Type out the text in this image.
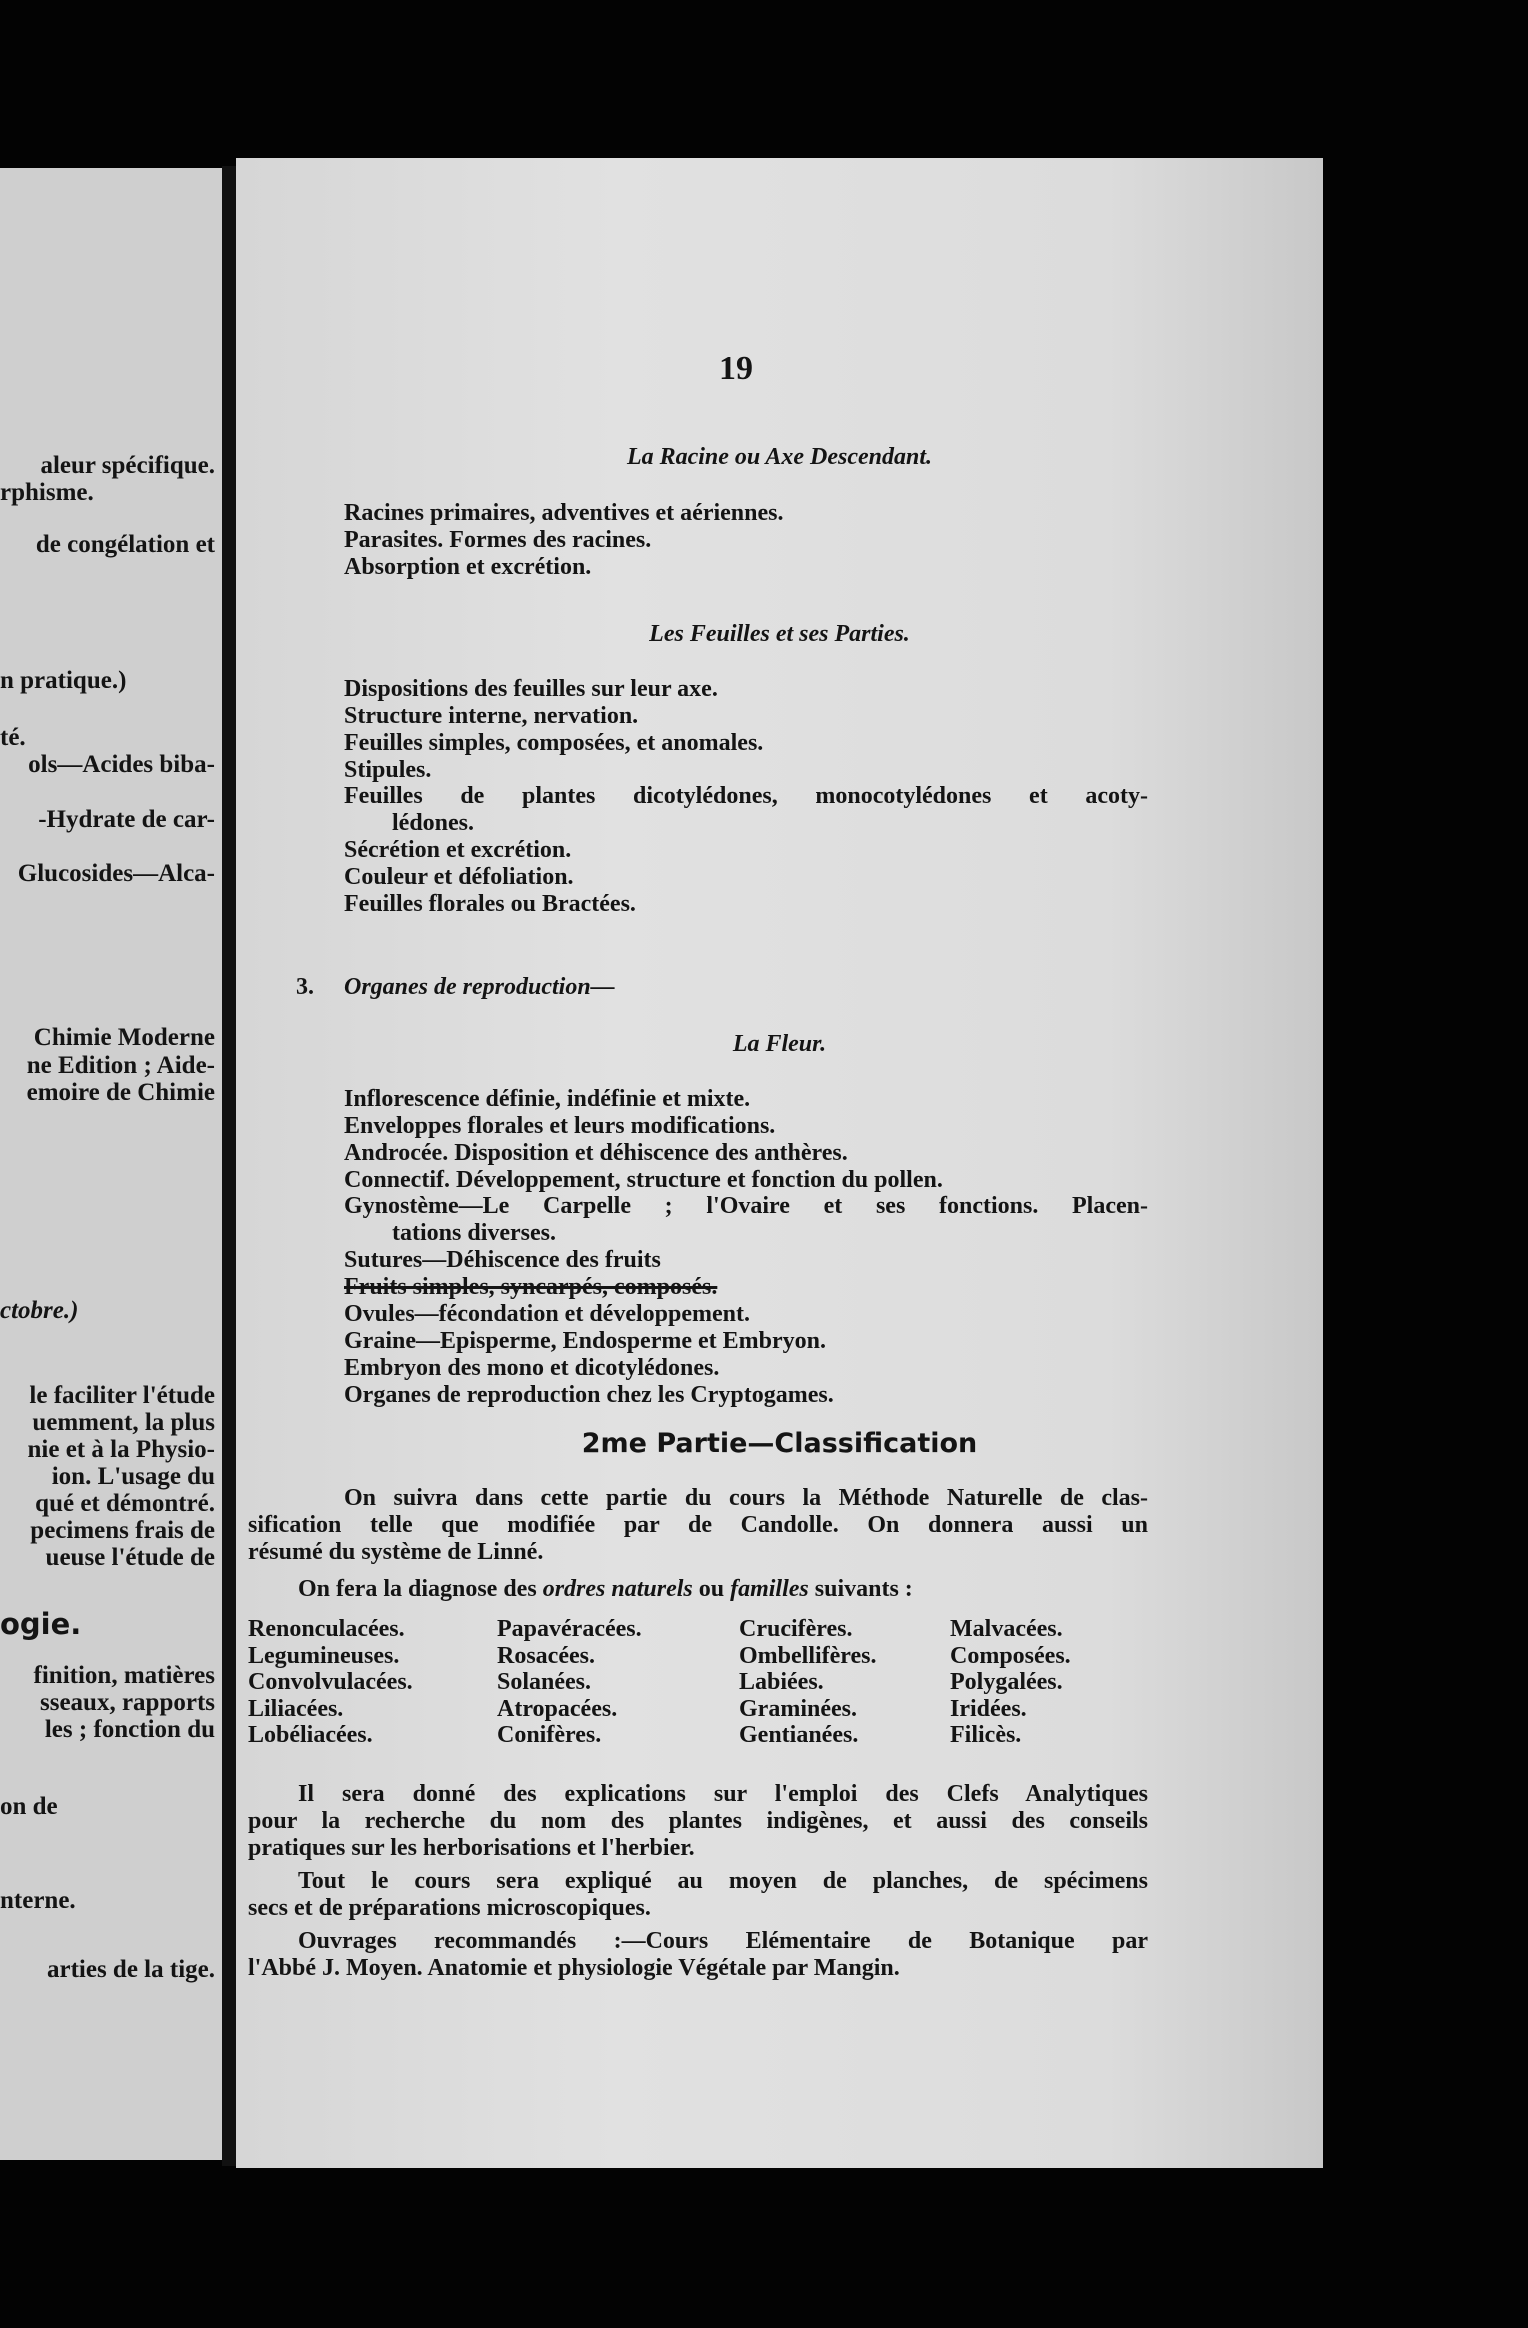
aleur spécifique.
rphisme.
de congélation et
n pratique.)
té.
ols—Acides biba-
-Hydrate de car-
Glucosides—Alca-
Chimie Moderne
ne Edition ; Aide-
emoire de Chimie
ctobre.)
le faciliter l'étude
uemment, la plus
nie et à la Physio-
ion. L'usage du
qué et démontré.
pecimens frais de
ueuse l'étude de
ogie.
finition, matières
sseaux, rapports
les ; fonction du
on de
nterne.
arties de la tige.
19
La Racine ou Axe Descendant.
Racines primaires, adventives et aériennes.
Parasites. Formes des racines.
Absorption et excrétion.
Les Feuilles et ses Parties.
Dispositions des feuilles sur leur axe.
Structure interne, nervation.
Feuilles simples, composées, et anomales.
Stipules.
Feuilles de plantes dicotylédones, monocotylédones et acoty-
lédones.
Sécrétion et excrétion.
Couleur et défoliation.
Feuilles florales ou Bractées.
3. Organes de reproduction—
La Fleur.
Inflorescence définie, indéfinie et mixte.
Enveloppes florales et leurs modifications.
Androcée. Disposition et déhiscence des anthères.
Connectif. Développement, structure et fonction du pollen.
Gynostème—Le Carpelle ; l'Ovaire et ses fonctions. Placen-
tations diverses.
Sutures—Déhiscence des fruits
Fruits simples, syncarpés, composés.
Ovules—fécondation et développement.
Graine—Episperme, Endosperme et Embryon.
Embryon des mono et dicotylédones.
Organes de reproduction chez les Cryptogames.
2me Partie—Classification
On suivra dans cette partie du cours la Méthode Naturelle de clas-
sification telle que modifiée par de Candolle. On donnera aussi un
résumé du système de Linné.
On fera la diagnose des ordres naturels ou familles suivants :
Renonculacées.
Legumineuses.
Convolvulacées.
Liliacées.
Lobéliacées.
Papavéracées.
Rosacées.
Solanées.
Atropacées.
Conifères.
Crucifères.
Ombellifères.
Labiées.
Graminées.
Gentianées.
Malvacées.
Composées.
Polygalées.
Iridées.
Filicès.
Il sera donné des explications sur l'emploi des Clefs Analytiques
pour la recherche du nom des plantes indigènes, et aussi des conseils
pratiques sur les herborisations et l'herbier.
Tout le cours sera expliqué au moyen de planches, de spécimens
secs et de préparations microscopiques.
Ouvrages recommandés :—Cours Elémentaire de Botanique par
l'Abbé J. Moyen. Anatomie et physiologie Végétale par Mangin.
